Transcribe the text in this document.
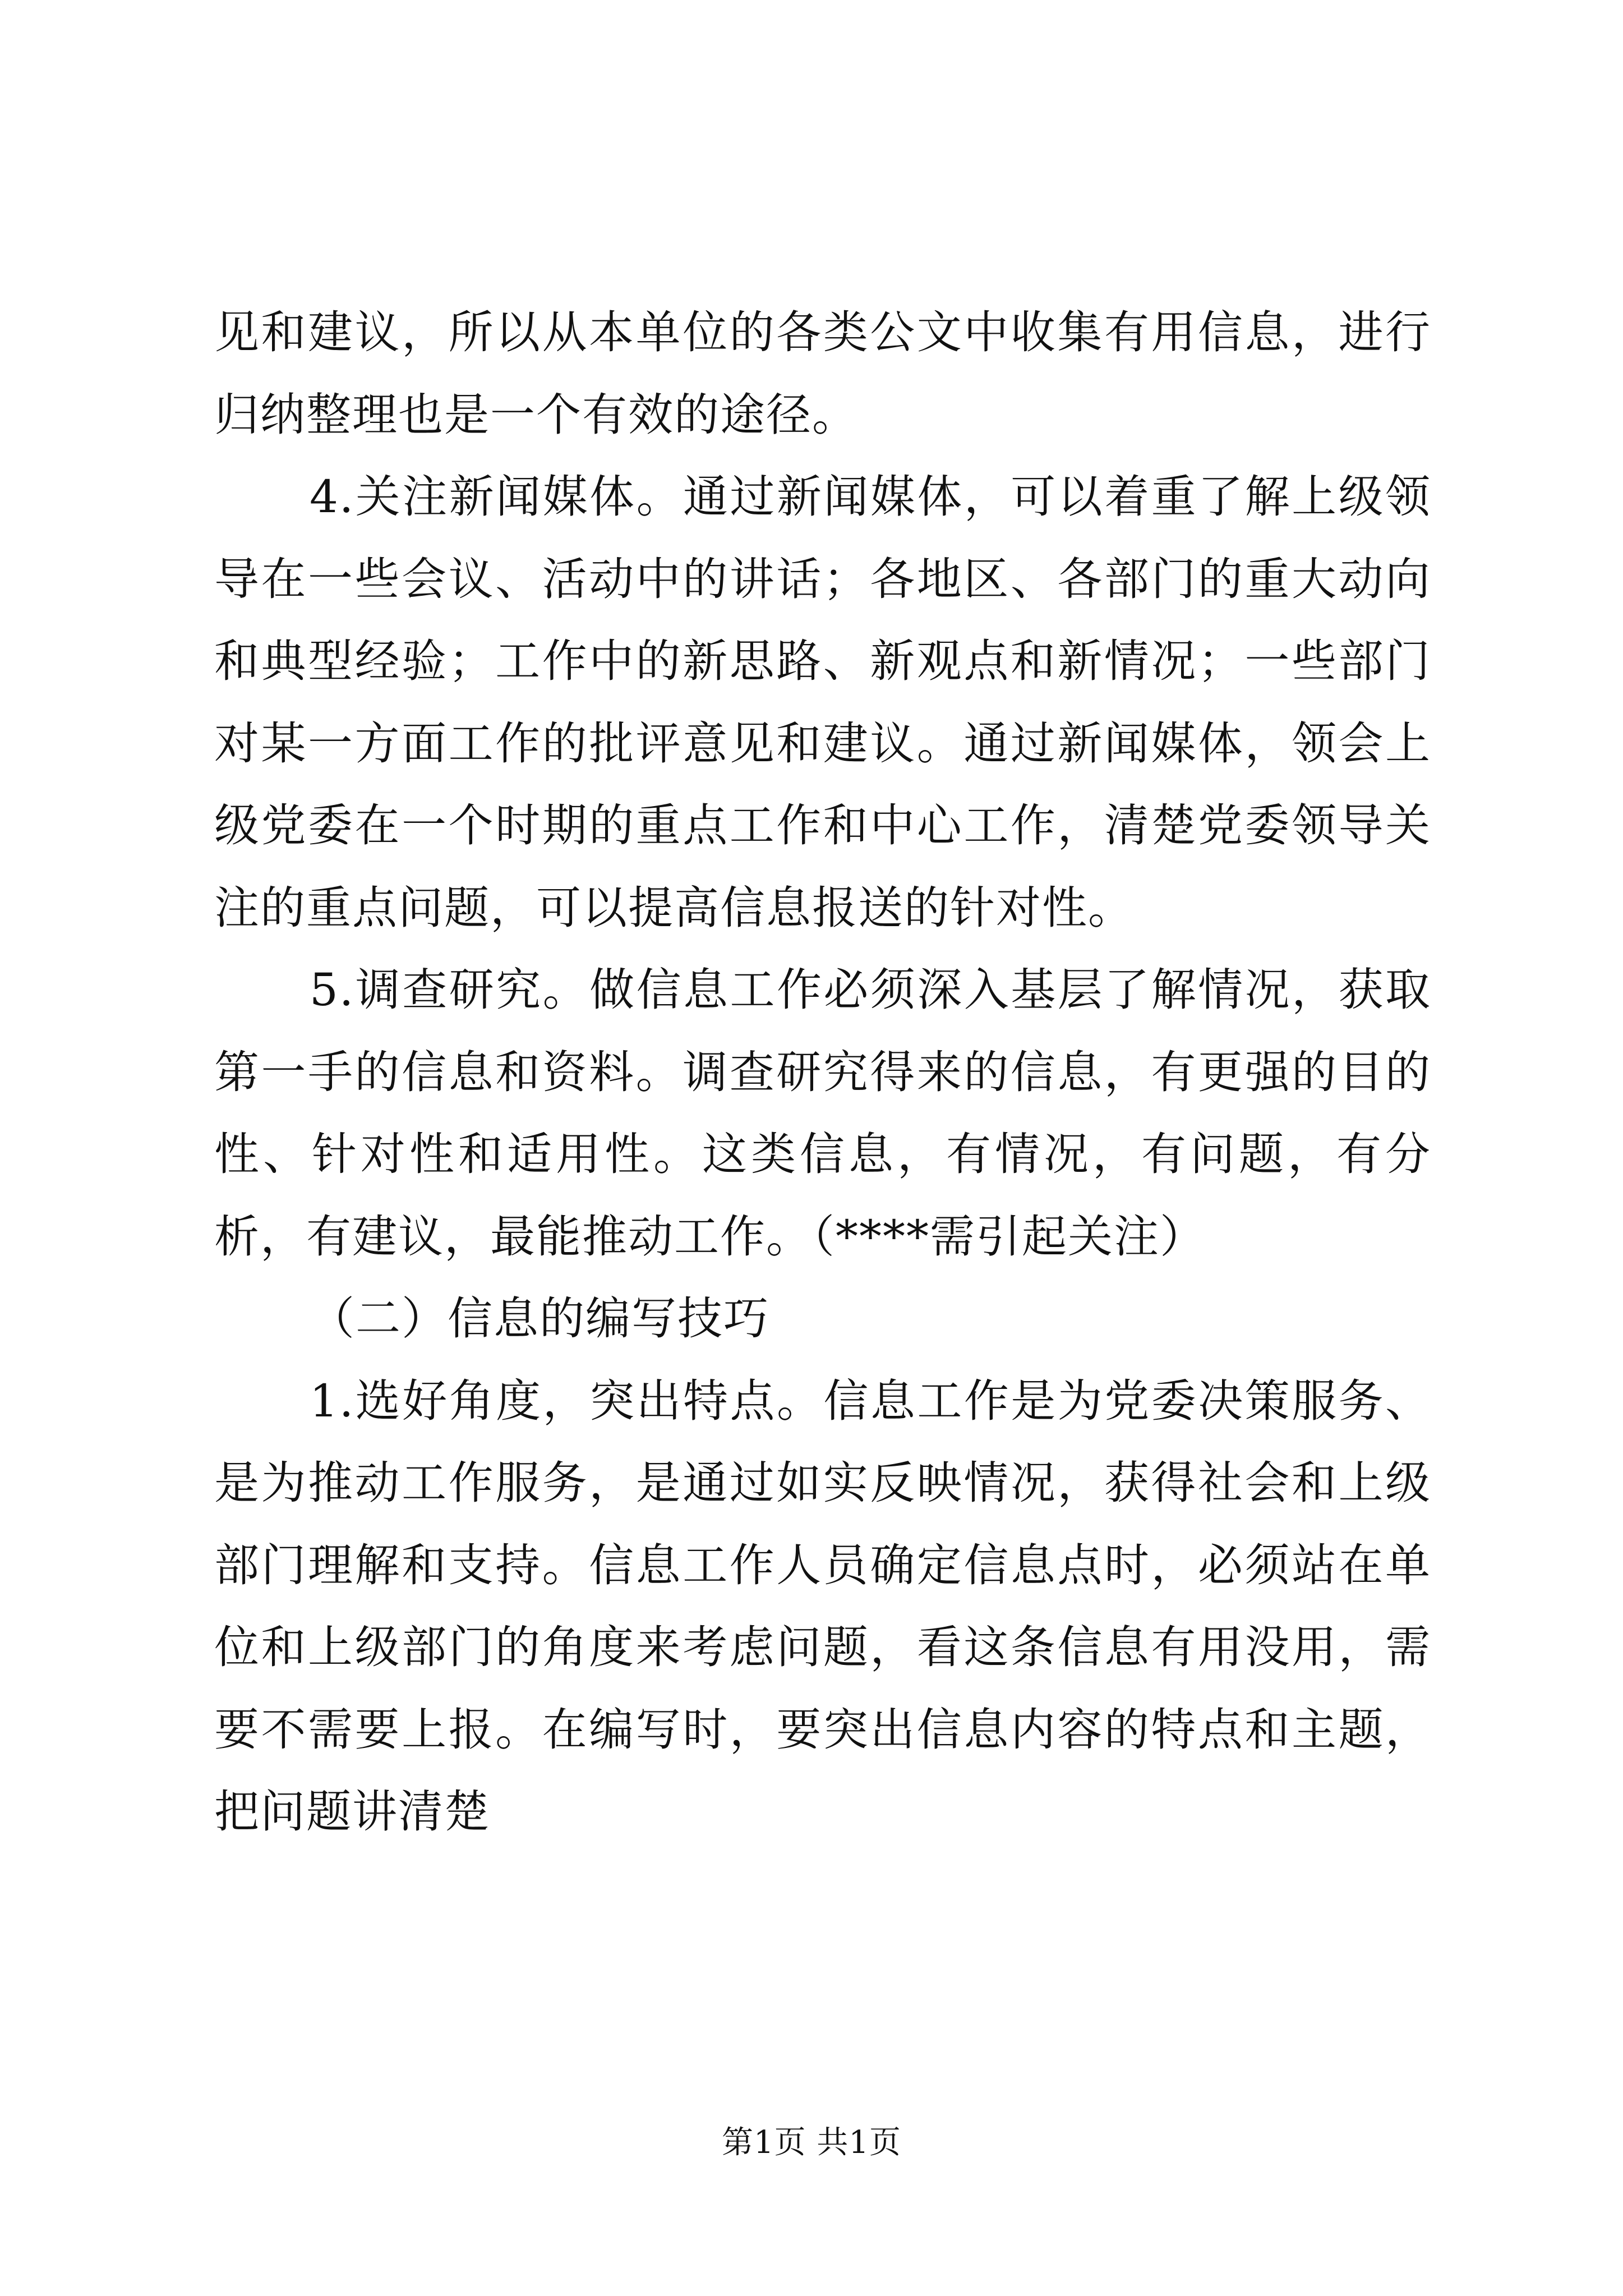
见和建议，所以从本单位的各类公文中收集有用信息，进行归纳整理也是一个有效的途径。

4.关注新闻媒体。通过新闻媒体，可以着重了解上级领导在一些会议、活动中的讲话；各地区、各部门的重大动向和典型经验；工作中的新思路、新观点和新情况；一些部门对某一方面工作的批评意见和建议。通过新闻媒体，领会上级党委在一个时期的重点工作和中心工作，清楚党委领导关注的重点问题，可以提高信息报送的针对性。

5.调查研究。做信息工作必须深入基层了解情况，获取第一手的信息和资料。调查研究得来的信息，有更强的目的性、针对性和适用性。这类信息，有情况，有问题，有分析，有建议，最能推动工作。（****需引起关注）

（二）信息的编写技巧

1.选好角度，突出特点。信息工作是为党委决策服务、是为推动工作服务，是通过如实反映情况，获得社会和上级部门理解和支持。信息工作人员确定信息点时，必须站在单位和上级部门的角度来考虑问题，看这条信息有用没用，需要不需要上报。在编写时，要突出信息内容的特点和主题，把问题讲清楚

第1页 共1页
